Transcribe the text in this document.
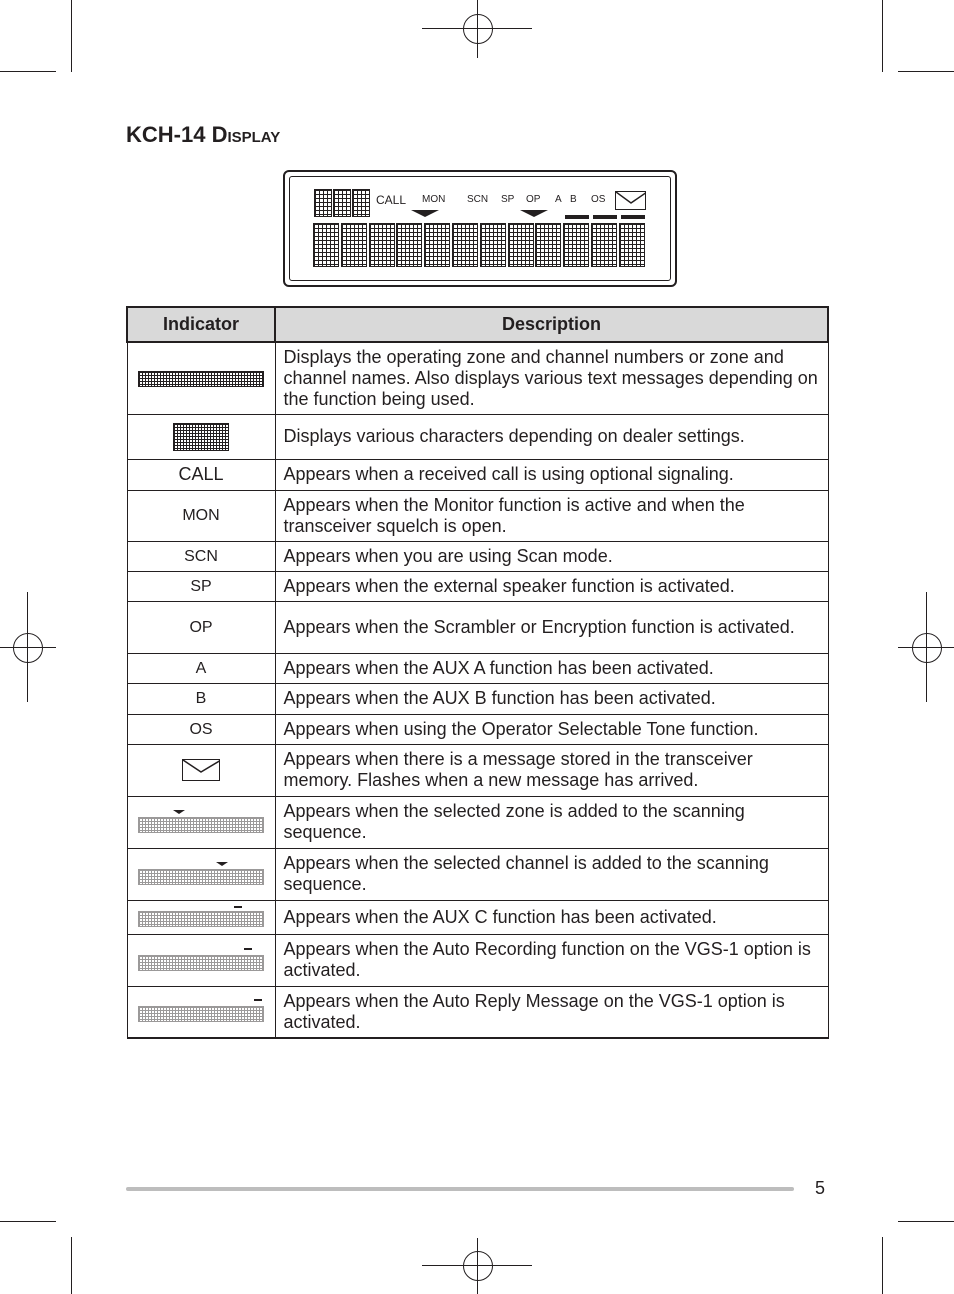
KCH-14 DISPLAY
CALL MON SCN SP OP A B OS
Indicator	Description
	Displays the operating zone and channel numbers or zone and channel names. Also displays various text messages depending on the function being used.
	Displays various characters depending on dealer settings.
CALL	Appears when a received call is using optional signaling.
MON	Appears when the Monitor function is active and when the transceiver squelch is open.
SCN	Appears when you are using Scan mode.
SP	Appears when the external speaker function is activated.
OP	Appears when the Scrambler or Encryption function is activated.
A	Appears when the AUX A function has been activated.
B	Appears when the AUX B function has been activated.
OS	Appears when using the Operator Selectable Tone function.

	Appears when there is a message stored in the transceiver memory. Flashes when a new message has arrived.

	Appears when the selected zone is added to the scanning sequence.

	Appears when the selected channel is added to the scanning sequence.

	Appears when the AUX C function has been activated.

	Appears when the Auto Recording function on the VGS-1 option is activated.

	Appears when the Auto Reply Message on the VGS-1 option is activated.
5
